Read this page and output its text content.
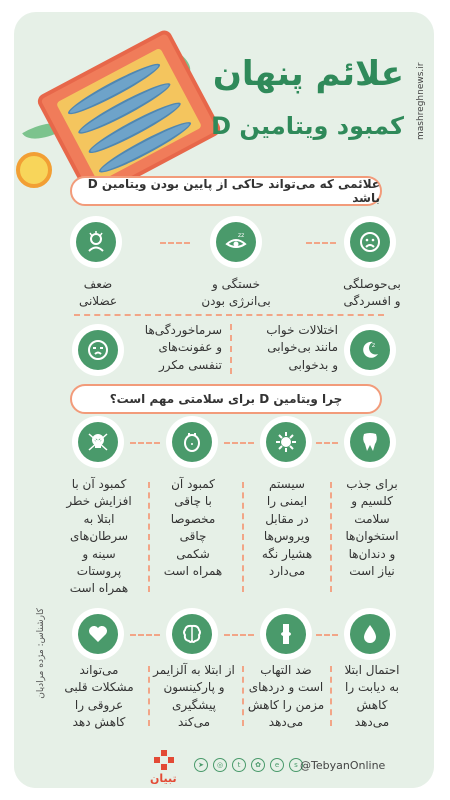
mashreghnews.ir
علائم پنهان
کمبود ویتامین D
علائمی که می‌تواند حاکی از پایین بودن ویتامین D باشد
بی‌حوصلگی
و افسردگی
zz
خستگی و
بی‌انرژی بودن
ضعف
عضلانی
z
اختلالات خواب
مانند بی‌خوابی
و بدخوابی
سرماخوردگی‌ها
و عفونت‌های
تنفسی مکرر
چرا ویتامین D برای سلامتی مهم است؟
برای جذب
کلسیم و
سلامت
استخوان‌ها
و دندان‌ها
نیاز است
سیستم
ایمنی را
در مقابل
ویروس‌ها
هشیار نگه
می‌دارد
کمبود آن
با چاقی
مخصوصا
چاقی
شکمی
همراه است
کمبود آن با
افزایش خطر
ابتلا به
سرطان‌های
سینه و
پروستات
همراه است
احتمال ابتلا
به دیابت را
کاهش
می‌دهد
ضد التهاب
است و دردهای
مزمن را کاهش
می‌دهد
از ابتلا به آلزایمر
و پارکینسون
پیشگیری
می‌کند
می‌تواند
مشکلات قلبی
عروقی را
کاهش دهد
کارشناس: مژده مرادیان
تبیان
➤	◎	t	✿	e	s @TebyanOnline
